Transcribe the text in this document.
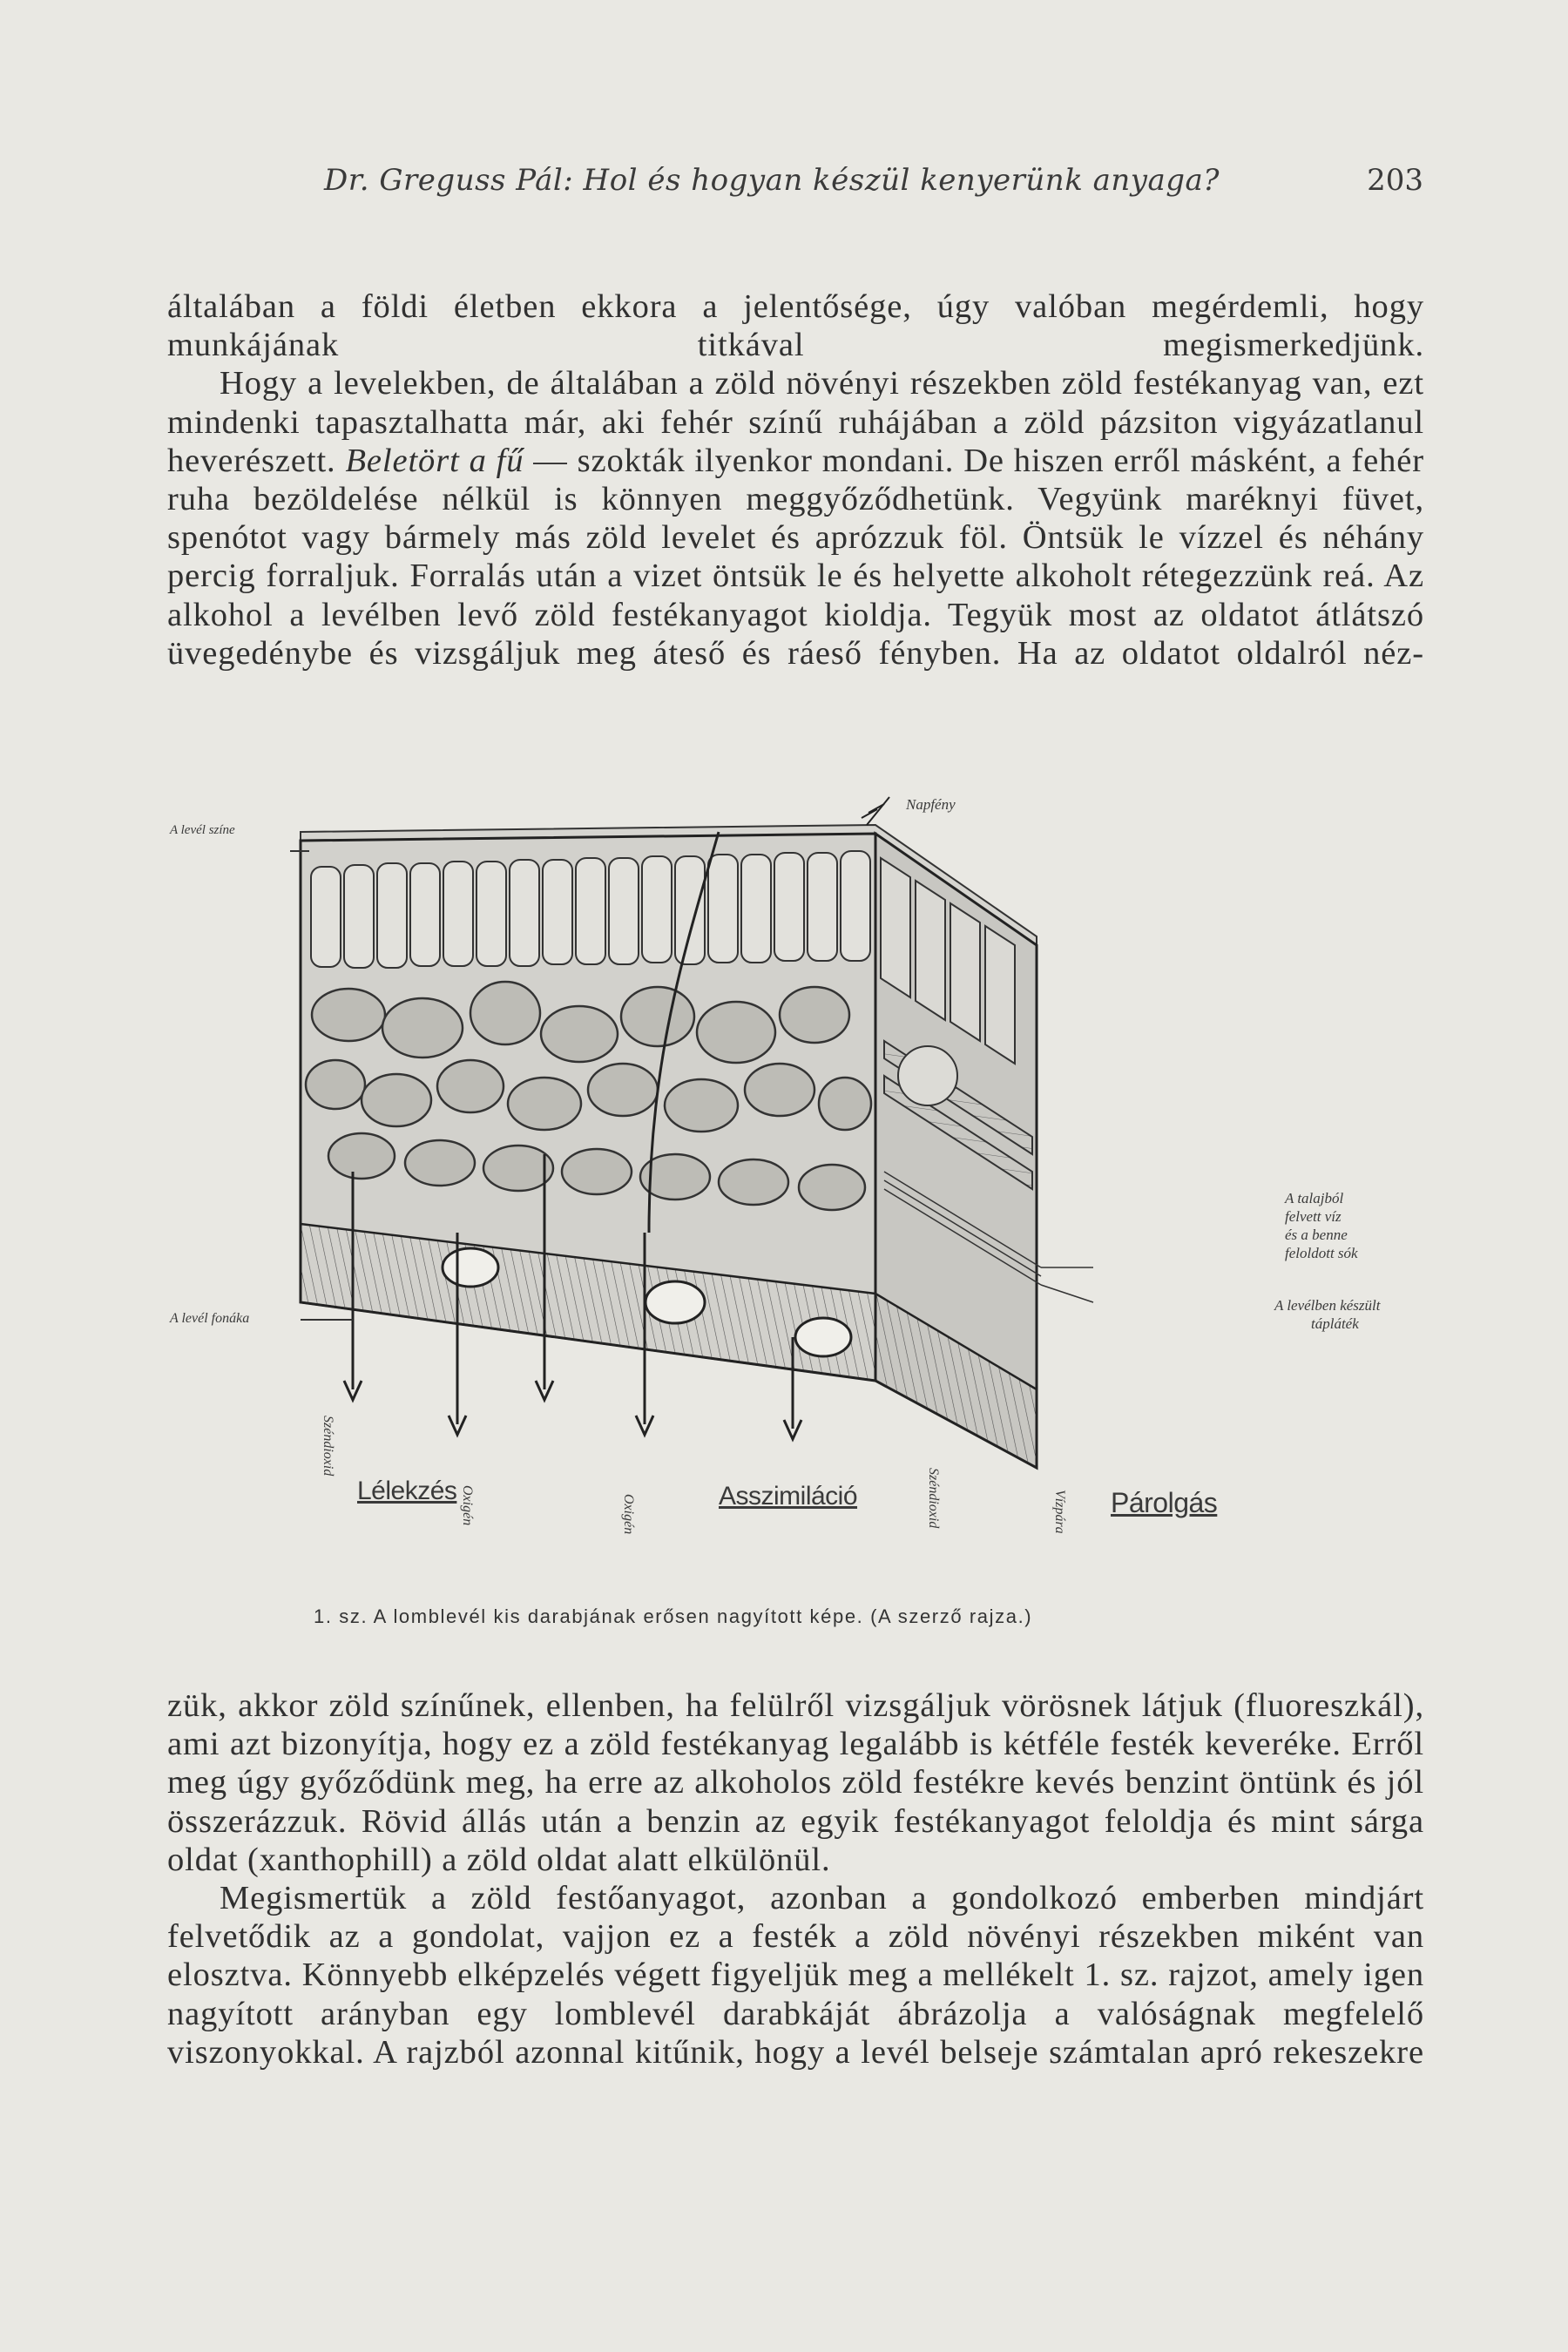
Dr. Greguss Pál: Hol és hogyan készül kenyerünk anyaga?	203

általában a földi életben ekkora a jelentősége, úgy valóban megérdemli, hogy munkájának titkával megismerkedjünk.

Hogy a levelekben, de általában a zöld növényi részekben zöld festékanyag van, ezt mindenki tapasztalhatta már, aki fehér színű ruhájában a zöld pázsiton vigyázatlanul heverészett. Beletört a fű — szokták ilyenkor mondani. De hiszen erről másként, a fehér ruha bezöldelése nélkül is könnyen meggyőződhetünk. Vegyünk maréknyi füvet, spenótot vagy bármely más zöld levelet és aprózzuk föl. Öntsük le vízzel és néhány percig forraljuk. Forralás után a vizet öntsük le és helyette alkoholt rétegezzünk reá. Az alkohol a levélben levő zöld festékanyagot kioldja. Tegyük most az oldatot átlátszó üvegedénybe és vizsgáljuk meg áteső és ráeső fényben. Ha az oldatot oldalról néz-

A levél színe
A levél fonáka
Napfény
A talajból
felvett víz
és a benne
feloldott sók
A levélben készült
tápláték
Lélekzés	Asszimiláció	Párolgás
Széndioxid
Oxigén	Oxigén	Széndioxid	Vízpára
1. sz. A lomblevél kis darabjának erősen nagyított képe. (A szerző rajza.)

zük, akkor zöld színűnek, ellenben, ha felülről vizsgáljuk vörösnek látjuk (fluoreszkál), ami azt bizonyítja, hogy ez a zöld festékanyag legalább is kétféle festék keveréke. Erről meg úgy győződünk meg, ha erre az alkoholos zöld festékre kevés benzint öntünk és jól összerázzuk. Rövid állás után a benzin az egyik festékanyagot feloldja és mint sárga oldat (xanthophill) a zöld oldat alatt elkülönül.

Megismertük a zöld festőanyagot, azonban a gondolkozó emberben mindjárt felvetődik az a gondolat, vajjon ez a festék a zöld növényi részekben miként van elosztva. Könnyebb elképzelés végett figyeljük meg a mellékelt 1. sz. rajzot, amely igen nagyított arányban egy lomblevél darabkáját ábrázolja a valóságnak megfelelő viszonyokkal. A rajzból azonnal kitűnik, hogy a levél belseje számtalan apró rekeszekre
